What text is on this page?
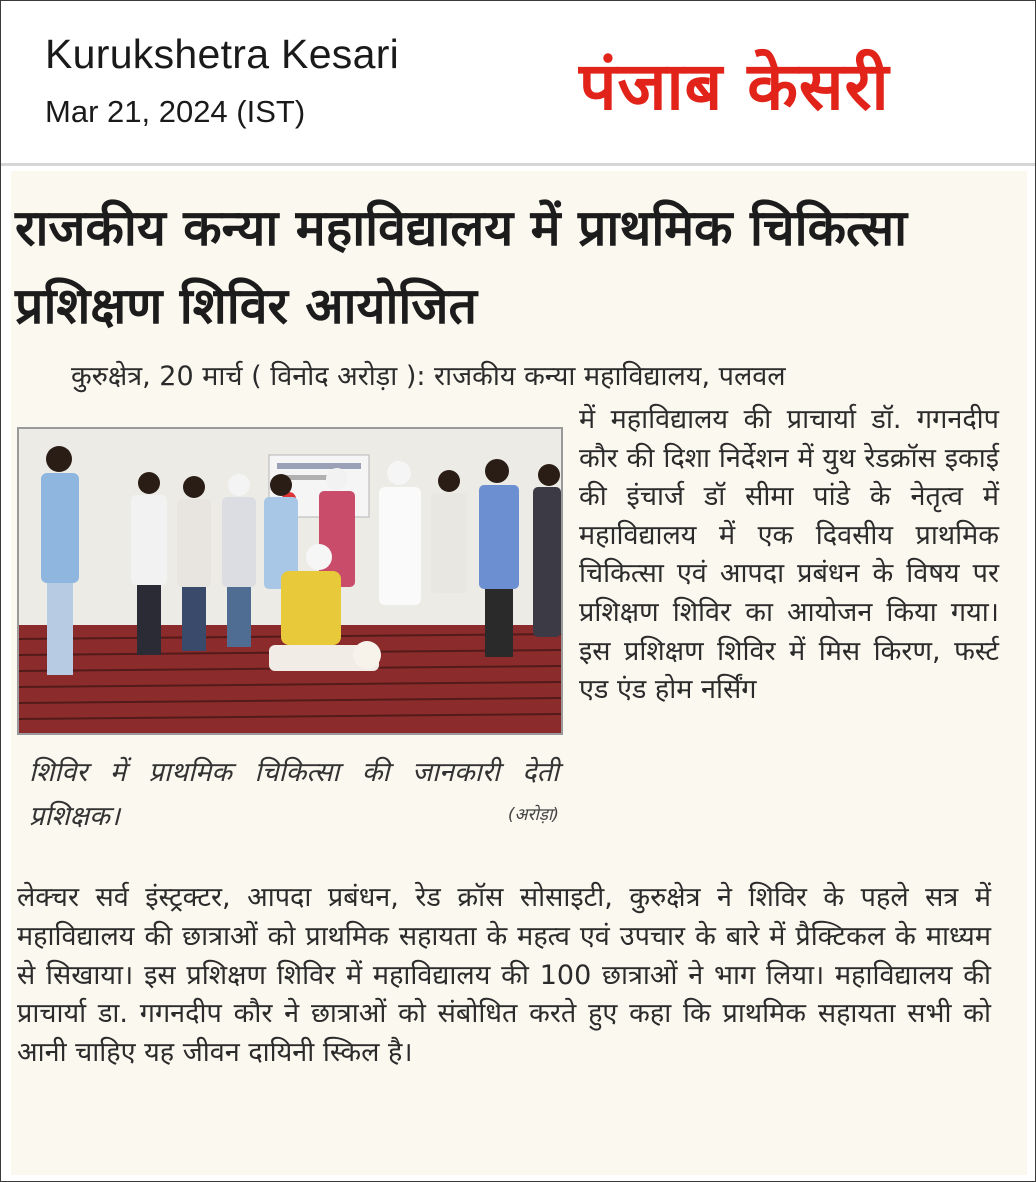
Kurukshetra Kesari
Mar 21, 2024 (IST)	पंजाब केसरी
राजकीय कन्या महाविद्यालय में प्राथमिक चिकित्सा प्रशिक्षण शिविर आयोजित
कुरुक्षेत्र, 20 मार्च ( विनोद अरोड़ा ): राजकीय कन्या महाविद्यालय, पलवल
शिविर में प्राथमिक चिकित्सा की जानकारी देती प्रशिक्षक।	(अरोड़ा)

में महाविद्यालय की प्राचार्या डॉ. गगनदीप कौर की दिशा निर्देशन में युथ रेडक्रॉस इकाई की इंचार्ज डॉ सीमा पांडे के नेतृत्व में महाविद्यालय में एक दिवसीय प्राथमिक चिकित्सा एवं आपदा प्रबंधन के विषय पर प्रशिक्षण शिविर का आयोजन किया गया। इस प्रशिक्षण शिविर में मिस किरण, फर्स्ट एड एंड होम नर्सिंग

लेक्चर सर्व इंस्ट्रक्टर, आपदा प्रबंधन, रेड क्रॉस सोसाइटी, कुरुक्षेत्र ने शिविर के पहले सत्र में महाविद्यालय की छात्राओं को प्राथमिक सहायता के महत्व एवं उपचार के बारे में प्रैक्टिकल के माध्यम से सिखाया। इस प्रशिक्षण शिविर में महाविद्यालय की 100 छात्राओं ने भाग लिया। महाविद्यालय की प्राचार्या डा. गगनदीप कौर ने छात्राओं को संबोधित करते हुए कहा कि प्राथमिक सहायता सभी को आनी चाहिए यह जीवन दायिनी स्किल है।
